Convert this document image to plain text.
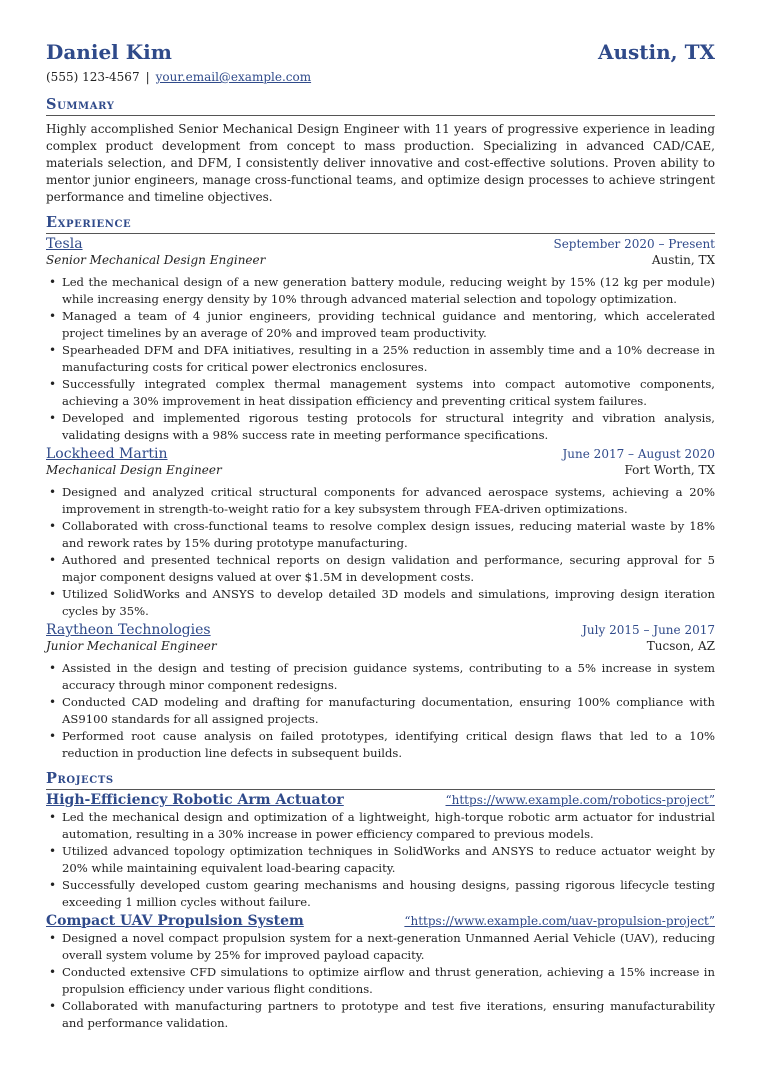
Daniel Kim	Austin, TX
(555) 123-4567 | your.email@example.com
Summary
Highly accomplished Senior Mechanical Design Engineer with 11 years of progressive experience in leading complex product development from concept to mass production. Specializing in advanced CAD/CAE, materials selection, and DFM, I consistently deliver innovative and cost-effective solutions. Proven ability to mentor junior engineers, manage cross-functional teams, and optimize design processes to achieve stringent performance and timeline objectives.
Experience
Tesla	September 2020 – Present
Senior Mechanical Design Engineer	Austin, TX
• Led the mechanical design of a new generation battery module, reducing weight by 15% (12 kg per module) while increasing energy density by 10% through advanced material selection and topology optimization.
• Managed a team of 4 junior engineers, providing technical guidance and mentoring, which accelerated project timelines by an average of 20% and improved team productivity.
• Spearheaded DFM and DFA initiatives, resulting in a 25% reduction in assembly time and a 10% decrease in manufacturing costs for critical power electronics enclosures.
• Successfully integrated complex thermal management systems into compact automotive components, achieving a 30% improvement in heat dissipation efficiency and preventing critical system failures.
• Developed and implemented rigorous testing protocols for structural integrity and vibration analysis, validating designs with a 98% success rate in meeting performance specifications.
Lockheed Martin	June 2017 – August 2020
Mechanical Design Engineer	Fort Worth, TX
• Designed and analyzed critical structural components for advanced aerospace systems, achieving a 20% improvement in strength-to-weight ratio for a key subsystem through FEA-driven optimizations.
• Collaborated with cross-functional teams to resolve complex design issues, reducing material waste by 18% and rework rates by 15% during prototype manufacturing.
• Authored and presented technical reports on design validation and performance, securing approval for 5 major component designs valued at over $1.5M in development costs.
• Utilized SolidWorks and ANSYS to develop detailed 3D models and simulations, improving design iteration cycles by 35%.
Raytheon Technologies	July 2015 – June 2017
Junior Mechanical Engineer	Tucson, AZ
• Assisted in the design and testing of precision guidance systems, contributing to a 5% increase in system accuracy through minor component redesigns.
• Conducted CAD modeling and drafting for manufacturing documentation, ensuring 100% compliance with AS9100 standards for all assigned projects.
• Performed root cause analysis on failed prototypes, identifying critical design flaws that led to a 10% reduction in production line defects in subsequent builds.
Projects
High-Efficiency Robotic Arm Actuator	“https://www.example.com/robotics-project”
• Led the mechanical design and optimization of a lightweight, high-torque robotic arm actuator for industrial automation, resulting in a 30% increase in power efficiency compared to previous models.
• Utilized advanced topology optimization techniques in SolidWorks and ANSYS to reduce actuator weight by 20% while maintaining equivalent load-bearing capacity.
• Successfully developed custom gearing mechanisms and housing designs, passing rigorous lifecycle testing exceeding 1 million cycles without failure.
Compact UAV Propulsion System	“https://www.example.com/uav-propulsion-project”
• Designed a novel compact propulsion system for a next-generation Unmanned Aerial Vehicle (UAV), reducing overall system volume by 25% for improved payload capacity.
• Conducted extensive CFD simulations to optimize airflow and thrust generation, achieving a 15% increase in propulsion efficiency under various flight conditions.
• Collaborated with manufacturing partners to prototype and test five iterations, ensuring manufacturability and performance validation.
